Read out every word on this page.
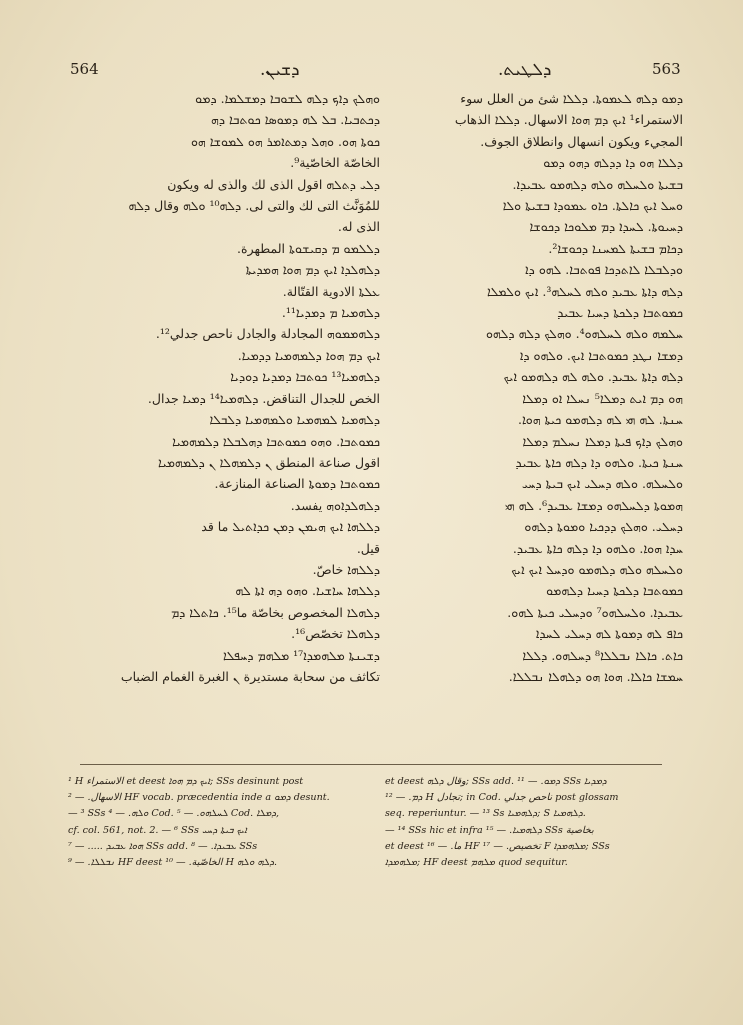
564	ܕܫܝܢ.	ܕܠܛܝܬ.	563
ܘܗܠܟ ܕܐܟ ܕܠܗ ܠܫܘܒܐ ܕܡܫܠܡܐ. ܕܡܘ
ܕܟܬܒܝܐ. ܒܠ ܠܗ ܕܡܘܣܐ ܟܘܬܒܐ ܕܗ
ܟܘܬܐ ܗܘ. ܘܗܠ ܕܡܬܐܡܪ ܗܘ ܠܡܘܫܐ ܗܘ
الخاصّة الخاصّية⁹.
ܕܠܝ ܕܬܠܗ اقول الذى لك والذى له ويكون
للمُوَنَّث التى لك والتى لى. ܕܠܗ¹⁰ ܘܠܗ وقال ܕܠܗ
الذى له.
ܕܠܠܡܘ ܡ ܕܩܝܫܘܬܐ المطهرة.
ܕܠܗܠܕܐ ܐܝܟ ܕܡ ܗܘܐ ܗܡܕܝܬܐ
ܥܠܬܐ الادوية القتّالة.
ܕܠܗܡܝܐ ܡ ܕܡܕܝܐ¹¹.
ܕܠܗܡܡܘܗ المجادلة والجادل ناحص جدلي¹².
ܐܝܟ ܕܡ ܗܘܐ ܕܠܡܗܡܝܐ ܕܕܡܝܐ.
ܕܠܗܡܝܐ¹³ ܟܘܬܒܐ ܕܡܕܝܐ ܕܘܕܝܐ
الخص للجدال التناقض. ܕܠܗܡܝܐ¹⁴ ܕܡܝܐ جدال.
ܕܠܗܡܝܐ ܠܡܗܡܝܐ ܘܠܡܗܡܝܐ ܕܠܒܠܐ
ܟܡܘܬܒܐ. ܘܗܘ ܟܡܘܬܒܐ ܕܗܠܒܠܐ ܕܠܡܗܡܝܐ
اقول صناعة المنطق ܢ ܕܠܡܗܠܐ ܢ ܕܠܡܗܡܝܐ
ܟܡܘܬܒܐ ܕܡܘܬܐ الصناعة المنازعة.
ܕܠܗܠܕܐܘܗ يفسد.
ܕܠܠܗܐ ܐܝܟ ܗܝܡܢ ܕܡܢ ܟܕܐܬܝܠ ما قد
قيل.
ܕܠܠܗܐ خاصّ.
ܕܠܠܗܐ ܚܐܫܝܐ. ܘܗܘ ܕܗ ܐܬܐ ܠܗ
ܕܠܗܠܐ المخصوص بخاصّة ما¹⁵. ܟܐܬܠܐ ܕܡ
ܕܠܗܠܐ تخصّص¹⁶.
ܕܫܝܢܬܐ ܡܠܗܡܕܐ¹⁷ ܡܠܗܡ ܕܚܦܠܐ
تكاثف من سحابة مستديرة ܢ الغبرة الغمام الضباب
ܕܡܘ ܕܠܗ ܠܥܡܘܬܐ. ܕܠܠܐ شئ من العلل سوء
الاستمراء¹ ܐܝܟ ܕܡ ܗܘܐ الاسهال. ܕܠܠܐ الذهاب
المجيء ويكون انسهال وانطلاق الجوف.
ܕܠܠܐ ܗܘ ܕܐ ܕܕܠܗ ܕܗܘ ܕܡܘ
ܒܫܝܬܐ ܘܠܚܠܗ ܘܠܗ ܕܠܗܡܘ ܥܒܝܕܐ.
ܘܚܠ ܐܝܟ ܟܐܠܬܐ. ܟܐܘ ܥܡܘܕܐ ܒܫܝܬܐ ܘܠܐ
ܕܚܝܘܬܐ. ܠܚܕܐ ܕܡ ܡܠܘܟܐ ܕܟܘܫܐ
ܕܟܐܡ ܒܫܝܬܐ ܠܡܚܢܐ ܕܟܘܫܐ².
ܘܕܠܒܠܐ ܠܐܬܕܟܐ ܦܘܬܒܐ. ܠܗܘ ܕܐ
ܕܠܗ ܕܐܬܐ ܥܒܝܕ ܘܠܗ ܠܚܠܗ³. ܐܝܟ ܘܠܡܠܐ
ܟܡܘܬܒܐ ܕܠܟܬܐ ܕܚܝܐ ܥܒܝܕ
ܚܠܡܗ ܘܠܗ ܠܚܠܗܘ⁴. ܘܗܠܟ ܕܠܗ ܕܠܗܘ
ܕܡܫܐ ܢܛܕ ܟܡܘܬܒܐ ܐܝܟ. ܘܠܗܘ ܕܐ
ܕܠܗ ܕܐܬܐ ܥܒܝܕ. ܘܠܗ ܠܗ ܕܠܗܡܘ ܐܝܟ
ܗܘ ܕܡ ܐܝܬ ܕܡܠܐ⁵ ܢܚܠܐ ܐܘ ܕܡܠܐ
ܚܢܬܐ. ܠܗ ܗܝ ܠܗ ܕܠܗܡܘ ܟܝܬܐ ܗܘܐ.
ܘܗܠܟ ܕܐܟ ܦܝܬܐ ܕܡܠܐ ܢܚܠܡ ܕܡܠܐ
ܚܢܬܐ ܟܝܬܐ. ܘܠܗܘ ܕܐ ܕܠܗ ܟܐܬܐ ܥܒܝܕ
ܘܠܚܠܗ. ܘܠܗ ܕܚܠܝ ܐܝܟ ܒܝܬܐ ܕܚܝ
ܗܡܘܬܐ ܕܠܚܠܗܘ ܕܡܫܐ ܥܒܝܕ⁶. ܠܗ ܗܝ
ܕܚܠܝ. ܘܗܠܟ ܕܕܟܝܐ ܘܡܘܬܐ ܕܠܗܘ
ܚܕܐ ܗܘܐ. ܘܠܗܘ ܕܐ ܕܠܗ ܟܐܬܐ ܥܒܝܕ.
ܘܠܚܠܗ ܘܠܗ ܕܠܗܡܘ ܘܕܚܠ ܐܝܟ ܐܝܟ
ܟܡܘܬܒܐ ܕܠܟܬܐ ܕܚܝܐ ܕܠܗܡܘ
ܥܒܝܕܐ. ܘܠܚܠܗܘ⁷ ܘܕܚܠܝ ܟܝܬܐ ܠܗܘ.
ܟܐܦ ܠܗ ܕܡܘܬܐ ܠܗ ܕܚܠܝ ܠܚܕܐ
ܟܐܬ. ܟܐܠܐ ܢܒܠܠܐ⁸ ܕܚܠܗܘ. ܕܠܠܐ
ܚܡܫܐ ܟܐܠܐ. ܗܘܐ ܗܘ ܕܠܗܠܐ ܢܒܠܠܐ.
¹ H الاستمراء et deest ܐܝܟ ܕܡ ܗܘܐ; SSs desinunt post
الاسهال. — ² HF vocab. præcedentia inde a ܕܡܘ desunt.
— ³ SSs ܘܠܗ. — ⁴ Cod. ܠܚܠܗܘ. — ⁵ Cod. ܕܡܠܐ,
cf. col. 561, not. 2. — ⁶ SSs ܐܝܟ ܒܝܬܐ ܕܚܝ
ܗܘܐ ܥܒܝܕ ..... — ⁷ SSs add. ܥܒܝܕܐ. — ⁸ SSs
ܢܒܠܠܐ. — ⁹ HF deest الخاصّية. — ¹⁰ H ܕܠܗ ܘܠܗ.
et deest وقال ܕܠܗ; SSs add. ܕܡܘ. — ¹¹ SSs ܕܡܕܝܐ
ܕܡ. — ¹² H تجادل; in Cod. ناحص جدلي post glossam
seq. reperiuntur. — ¹³ Ss ܕܠܗܡܝܐ; S ܕܠܗܡܝܐ.
— ¹⁴ SSs hic et infra ܕܠܗܡܝܐ. — ¹⁵ SSs بخاصية
et deest ما. — ¹⁶ HF تخصيص. — ¹⁷ F ܡܠܗܡܕܐ; SSs
ܡܠܗܡܕܐ; HF deest ܡܠܗܡ quod sequitur.
